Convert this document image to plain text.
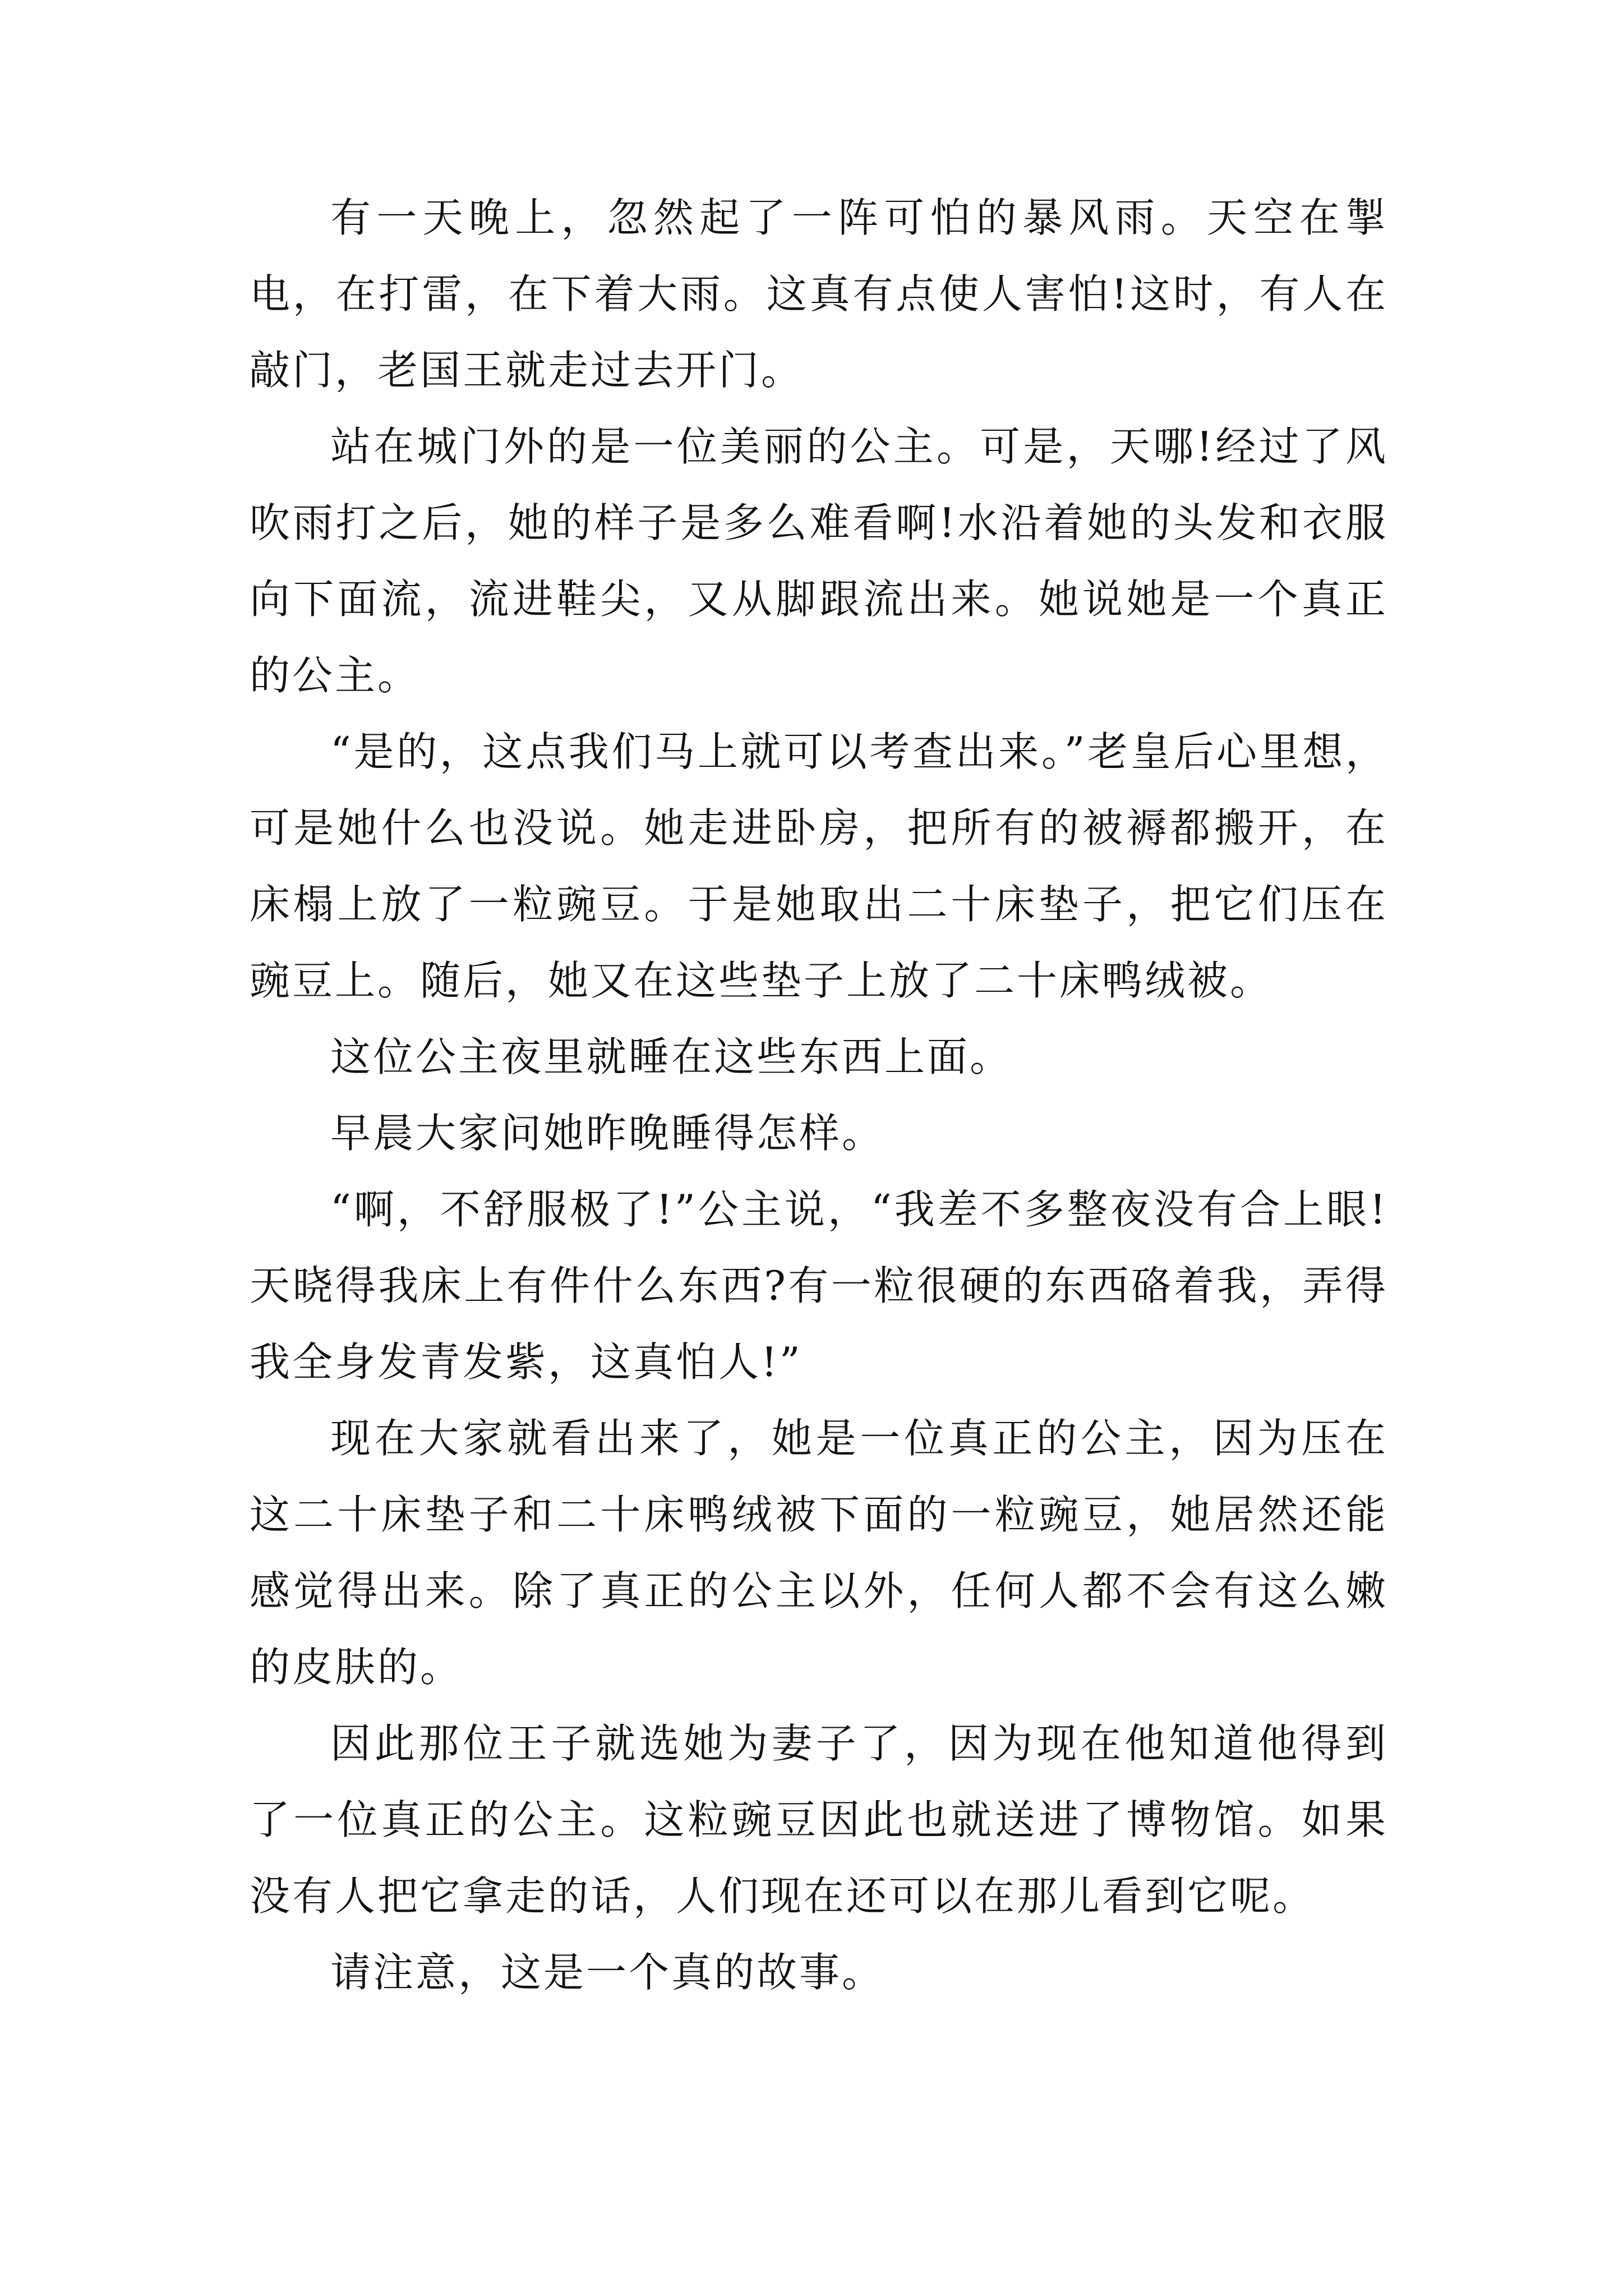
有一天晚上，忽然起了一阵可怕的暴风雨。天空在掣电，在打雷，在下着大雨。这真有点使人害怕!这时，有人在敲门，老国王就走过去开门。

站在城门外的是一位美丽的公主。可是，天哪!经过了风吹雨打之后，她的样子是多么难看啊!水沿着她的头发和衣服向下面流，流进鞋尖，又从脚跟流出来。她说她是一个真正的公主。

“是的，这点我们马上就可以考查出来。”老皇后心里想，可是她什么也没说。她走进卧房，把所有的被褥都搬开，在床榻上放了一粒豌豆。于是她取出二十床垫子，把它们压在豌豆上。随后，她又在这些垫子上放了二十床鸭绒被。

这位公主夜里就睡在这些东西上面。

早晨大家问她昨晚睡得怎样。

“啊，不舒服极了!”公主说，“我差不多整夜没有合上眼!天晓得我床上有件什么东西?有一粒很硬的东西硌着我，弄得我全身发青发紫，这真怕人!”

现在大家就看出来了，她是一位真正的公主，因为压在这二十床垫子和二十床鸭绒被下面的一粒豌豆，她居然还能感觉得出来。除了真正的公主以外，任何人都不会有这么嫩的皮肤的。

因此那位王子就选她为妻子了，因为现在他知道他得到了一位真正的公主。这粒豌豆因此也就送进了博物馆。如果没有人把它拿走的话，人们现在还可以在那儿看到它呢。

请注意，这是一个真的故事。
